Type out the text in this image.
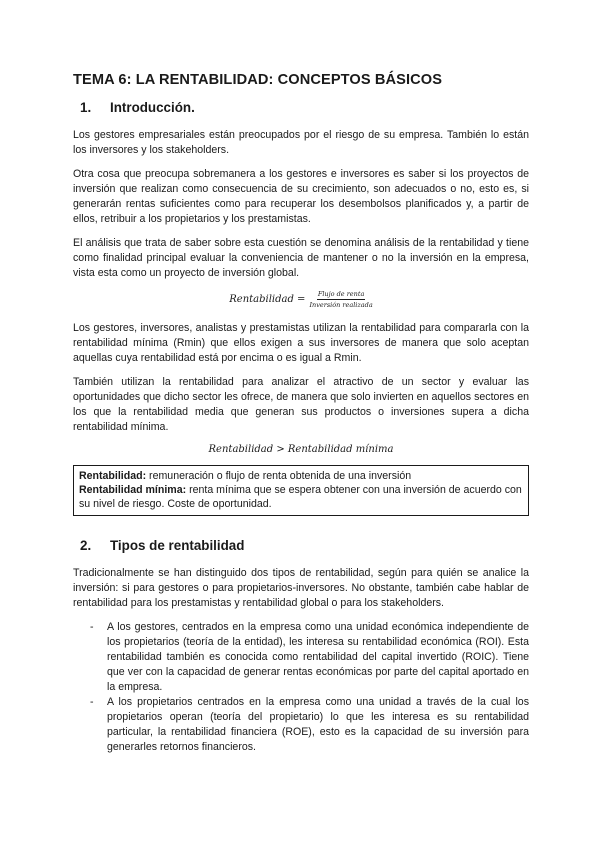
TEMA 6: LA RENTABILIDAD: CONCEPTOS BÁSICOS
1.	Introducción.

Los gestores empresariales están preocupados por el riesgo de su empresa. También lo están los inversores y los stakeholders.

Otra cosa que preocupa sobremanera a los gestores e inversores es saber si los proyectos de inversión que realizan como consecuencia de su crecimiento, son adecuados o no, esto es, si generarán rentas suficientes como para recuperar los desembolsos planificados y, a partir de ellos, retribuir a los propietarios y los prestamistas.

El análisis que trata de saber sobre esta cuestión se denomina análisis de la rentabilidad y tiene como finalidad principal evaluar la conveniencia de mantener o no la inversión en la empresa, vista esta como un proyecto de inversión global.

Rentabilidad = $\frac{\text{Flujo de renta}}{\text{Inversión realizada}}$

Los gestores, inversores, analistas y prestamistas utilizan la rentabilidad para compararla con la rentabilidad mínima (Rmin) que ellos exigen a sus inversores de manera que solo aceptan aquellas cuya rentabilidad está por encima o es igual a Rmin.

También utilizan la rentabilidad para analizar el atractivo de un sector y evaluar las oportunidades que dicho sector les ofrece, de manera que solo invierten en aquellos sectores en los que la rentabilidad media que generan sus productos o inversiones supera a dicha rentabilidad mínima.

Rentabilidad > Rentabilidad mínima
Rentabilidad: remuneración o flujo de renta obtenida de una inversión
Rentabilidad mínima: renta mínima que se espera obtener con una inversión de acuerdo con su nivel de riesgo. Coste de oportunidad.
2.	Tipos de rentabilidad

Tradicionalmente se han distinguido dos tipos de rentabilidad, según para quién se analice la inversión: si para gestores o para propietarios-inversores. No obstante, también cabe hablar de rentabilidad para los prestamistas y rentabilidad global o para los stakeholders.

- A los gestores, centrados en la empresa como una unidad económica independiente de los propietarios (teoría de la entidad), les interesa su rentabilidad económica (ROI). Esta rentabilidad también es conocida como rentabilidad del capital invertido (ROIC). Tiene que ver con la capacidad de generar rentas económicas por parte del capital aportado en la empresa.
- A los propietarios centrados en la empresa como una unidad a través de la cual los propietarios operan (teoría del propietario) lo que les interesa es su rentabilidad particular, la rentabilidad financiera (ROE), esto es la capacidad de su inversión para generarles retornos financieros.
